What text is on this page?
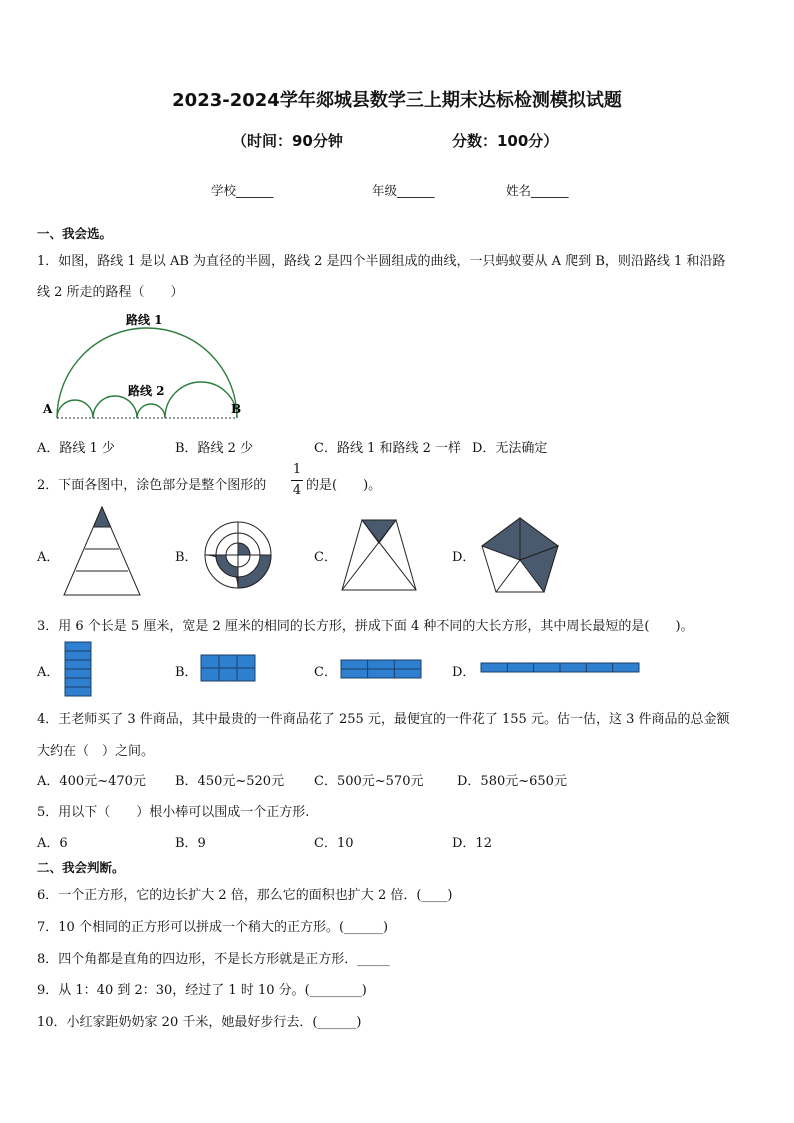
2023-2024学年郯城县数学三上期末达标检测模拟试题
（时间：90分钟	分数：100分）
学校______	年级______	姓名______
一、我会选。
1．如图，路线 1 是以 AB 为直径的半圆，路线 2 是四个半圆组成的曲线，一只蚂蚁要从 A 爬到 B，则沿路线 1 和沿路
线 2 所走的路程（　　）
路线 1
路线 2
A	B
A．路线 1 少	B．路线 2 少	C．路线 1 和路线 2 一样 D．无法确定
2．下面各图中，涂色部分是整个图形的
1
4 的是(　　)。
A．	B．	C．	D．
3．用 6 个长是 5 厘米，宽是 2 厘米的相同的长方形，拼成下面 4 种不同的大长方形，其中周长最短的是(　　)。
A．	B．	C．	D．
4．王老师买了 3 件商品，其中最贵的一件商品花了 255 元，最便宜的一件花了 155 元。估一估，这 3 件商品的总金额
大约在（　）之间。
A．400元~470元 B．450元~520元 C．500元~570元	D．580元~650元
5．用以下（　　）根小棒可以围成一个正方形.
A．6	B．9	C．10	D．12
二、我会判断。
6．一个正方形，它的边长扩大 2 倍，那么它的面积也扩大 2 倍．(____)
7．10 个相同的正方形可以拼成一个稍大的正方形。(______)
8．四个角都是直角的四边形，不是长方形就是正方形．_____
9．从 1：40 到 2：30，经过了 1 时 10 分。(________)
10．小红家距奶奶家 20 千米，她最好步行去．(______)
